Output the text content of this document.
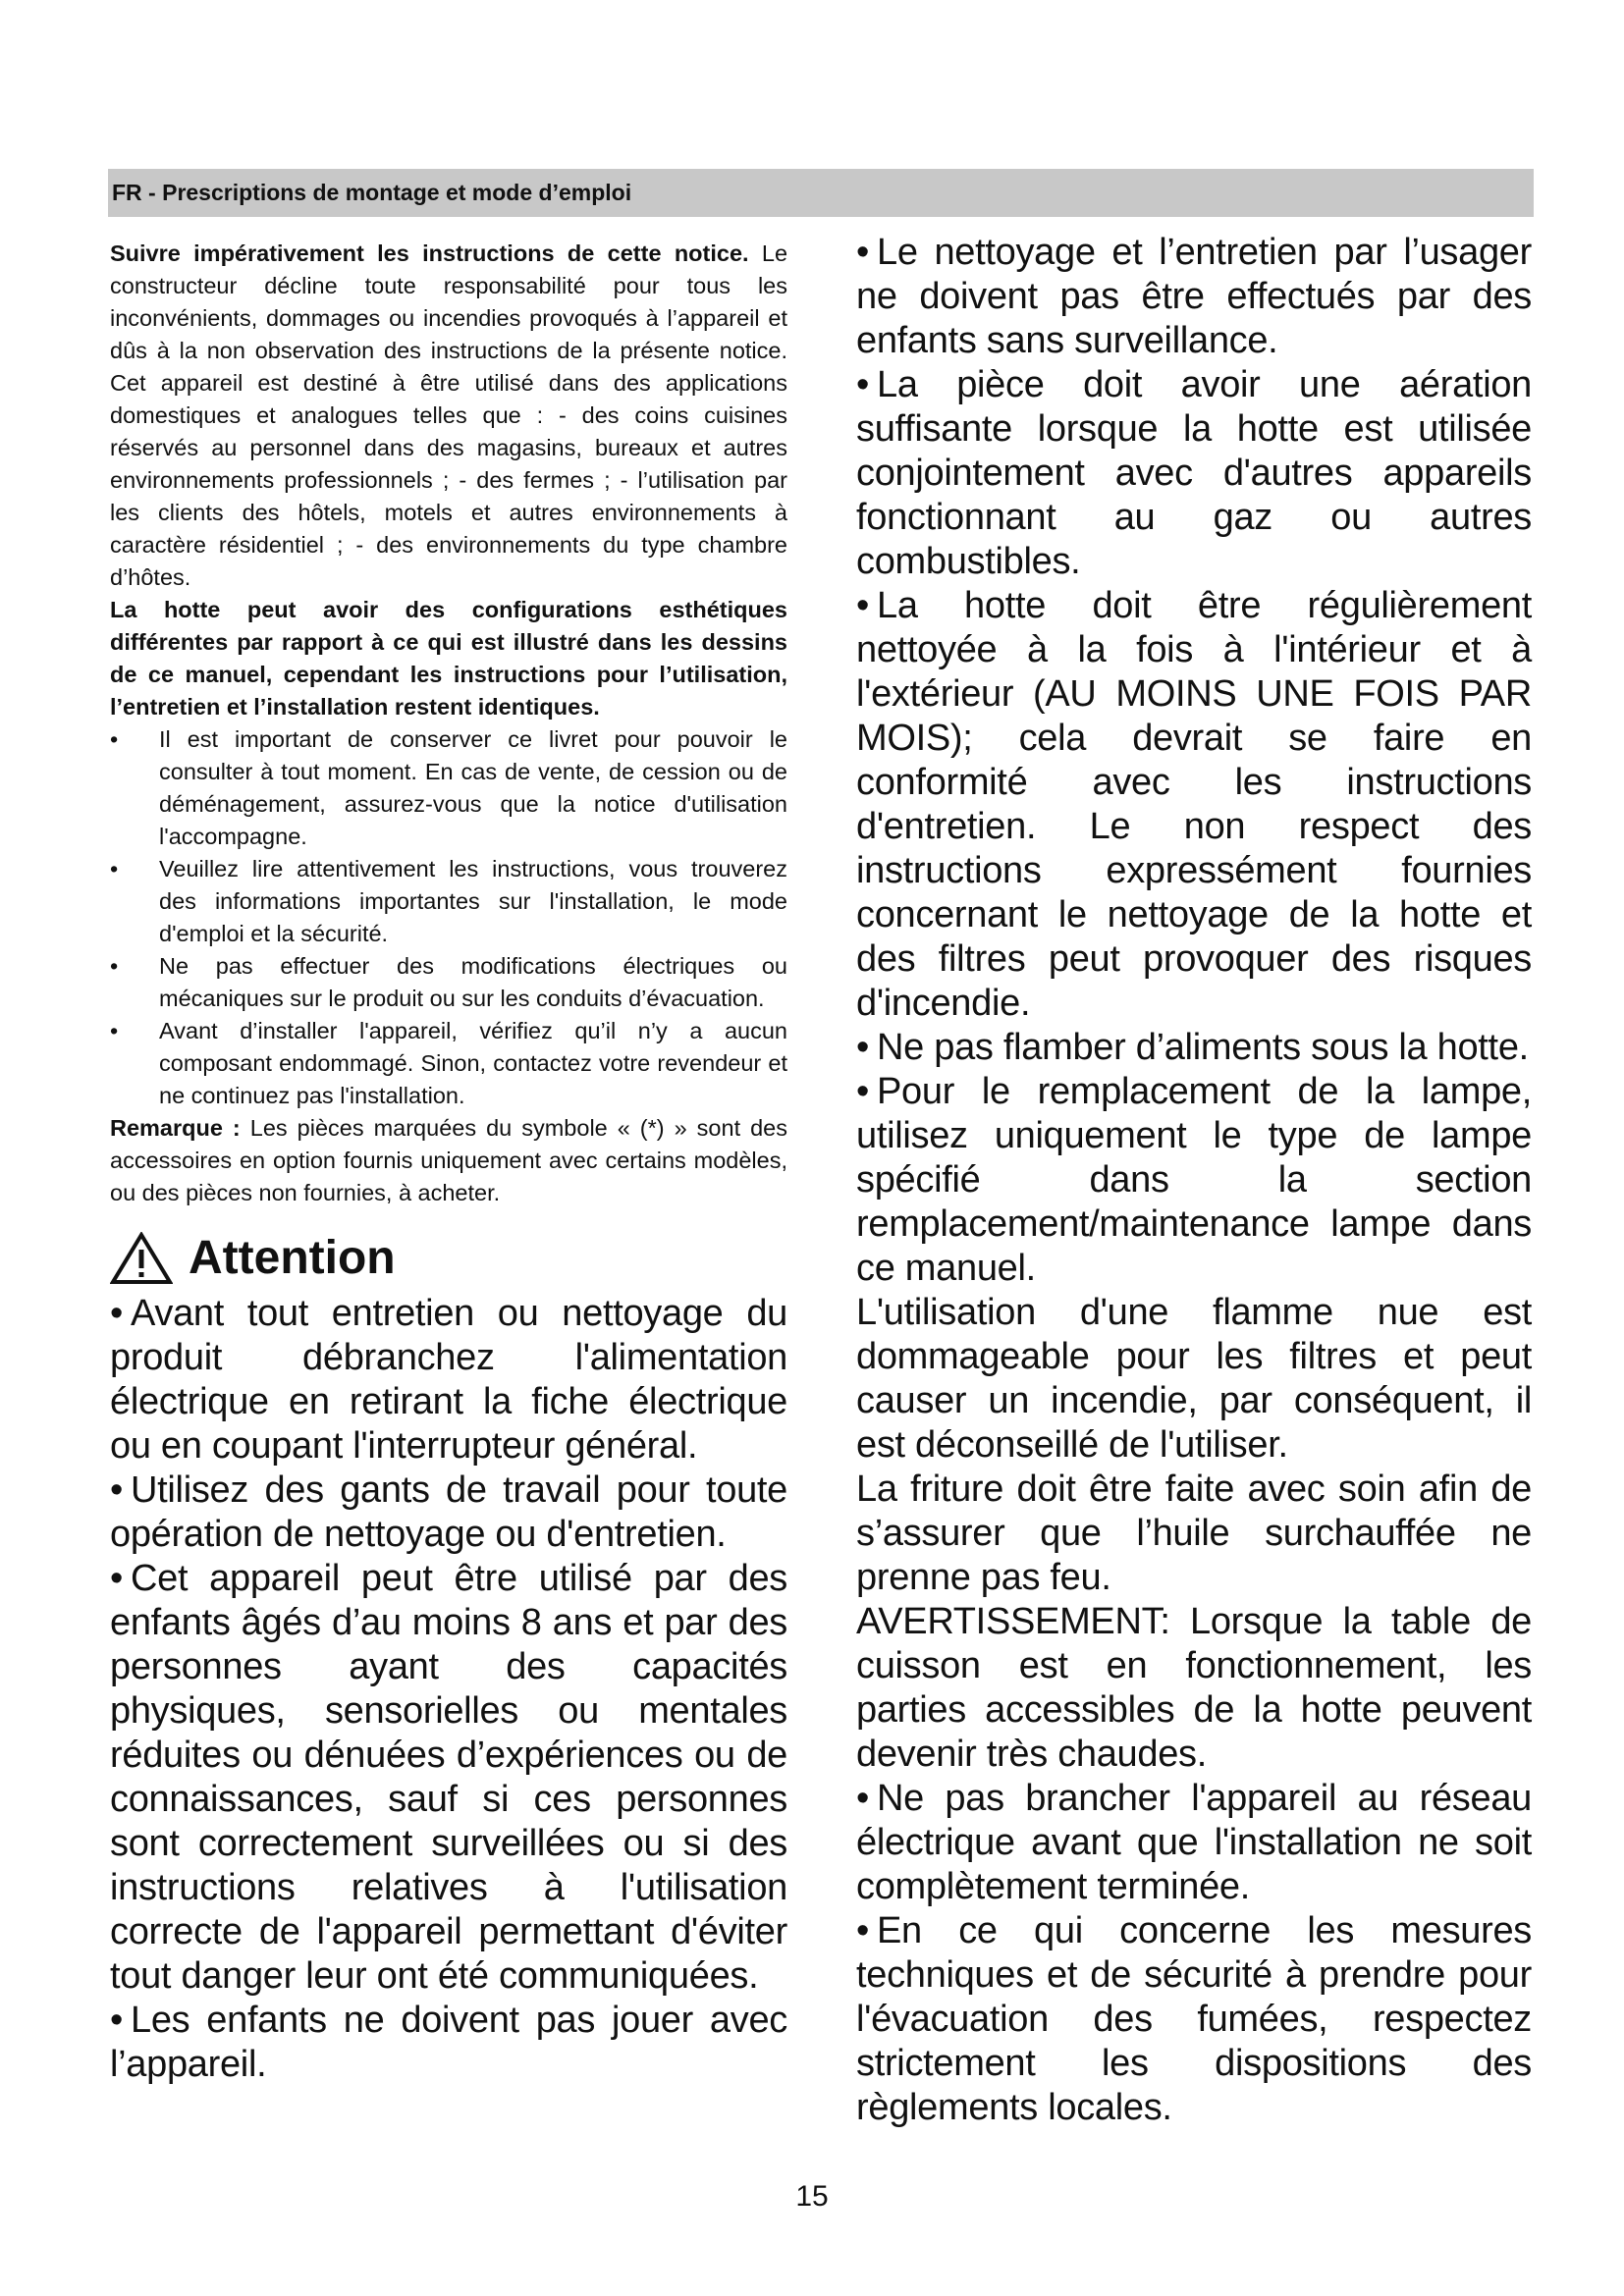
FR - Prescriptions de montage et mode d’emploi

Suivre impérativement les instructions de cette notice. Le constructeur décline toute responsabilité pour tous les inconvénients, dommages ou incendies provoqués à l’appareil et dûs à la non observation des instructions de la présente notice. Cet appareil est destiné à être utilisé dans des applications domestiques et analogues telles que : - des coins cuisines réservés au personnel dans des magasins, bureaux et autres environnements professionnels ; - des fermes ; - l’utilisation par les clients des hôtels, motels et autres environnements à caractère résidentiel ; - des environnements du type chambre d’hôtes.

La hotte peut avoir des configurations esthétiques différentes par rapport à ce qui est illustré dans les dessins de ce manuel, cependant les instructions pour l’utilisation, l’entretien et l’installation restent identiques.

• Il est important de conserver ce livret pour pouvoir le consulter à tout moment. En cas de vente, de cession ou de déménagement, assurez-vous que la notice d'utilisation l'accompagne.
• Veuillez lire attentivement les instructions, vous trouverez des informations importantes sur l'installation, le mode d'emploi et la sécurité.
• Ne pas effectuer des modifications électriques ou mécaniques sur le produit ou sur les conduits d’évacuation.
• Avant d’installer l'appareil, vérifiez qu’il n’y a aucun composant endommagé. Sinon, contactez votre revendeur et ne continuez pas l'installation.

Remarque : Les pièces marquées du symbole « (*) » sont des accessoires en option fournis uniquement avec certains modèles, ou des pièces non fournies, à acheter.

Attention

• Avant tout entretien ou nettoyage du produit débranchez l'alimentation électrique en retirant la fiche électrique ou en coupant l'interrupteur général.

• Utilisez des gants de travail pour toute opération de nettoyage ou d'entretien.

• Cet appareil peut être utilisé par des enfants âgés d’au moins 8 ans et par des personnes ayant des capacités physiques, sensorielles ou mentales réduites ou dénuées d’expériences ou de connaissances, sauf si ces personnes sont correctement surveillées ou si des instructions relatives à l'utilisation correcte de l'appareil permettant d'éviter tout danger leur ont été communiquées.

• Les enfants ne doivent pas jouer avec l’appareil.

• Le nettoyage et l’entretien par l’usager ne doivent pas être effectués par des enfants sans surveillance.

• La pièce doit avoir une aération suffisante lorsque la hotte est utilisée conjointement avec d'autres appareils fonctionnant au gaz ou autres combustibles.

• La hotte doit être régulièrement nettoyée à la fois à l'intérieur et à l'extérieur (AU MOINS UNE FOIS PAR MOIS); cela devrait se faire en conformité avec les instructions d'entretien. Le non respect des instructions expressément fournies concernant le nettoyage de la hotte et des filtres peut provoquer des risques d'incendie.

• Ne pas flamber d’aliments sous la hotte.

• Pour le remplacement de la lampe, utilisez uniquement le type de lampe spécifié dans la section remplacement/maintenance lampe dans ce manuel.

L'utilisation d'une flamme nue est dommageable pour les filtres et peut causer un incendie, par conséquent, il est déconseillé de l'utiliser.

La friture doit être faite avec soin afin de s’assurer que l’huile surchauffée ne prenne pas feu.

AVERTISSEMENT: Lorsque la table de cuisson est en fonctionnement, les parties accessibles de la hotte peuvent devenir très chaudes.

• Ne pas brancher l'appareil au réseau électrique avant que l'installation ne soit complètement terminée.

• En ce qui concerne les mesures techniques et de sécurité à prendre pour l'évacuation des fumées, respectez strictement les dispositions des règlements locales.

15
